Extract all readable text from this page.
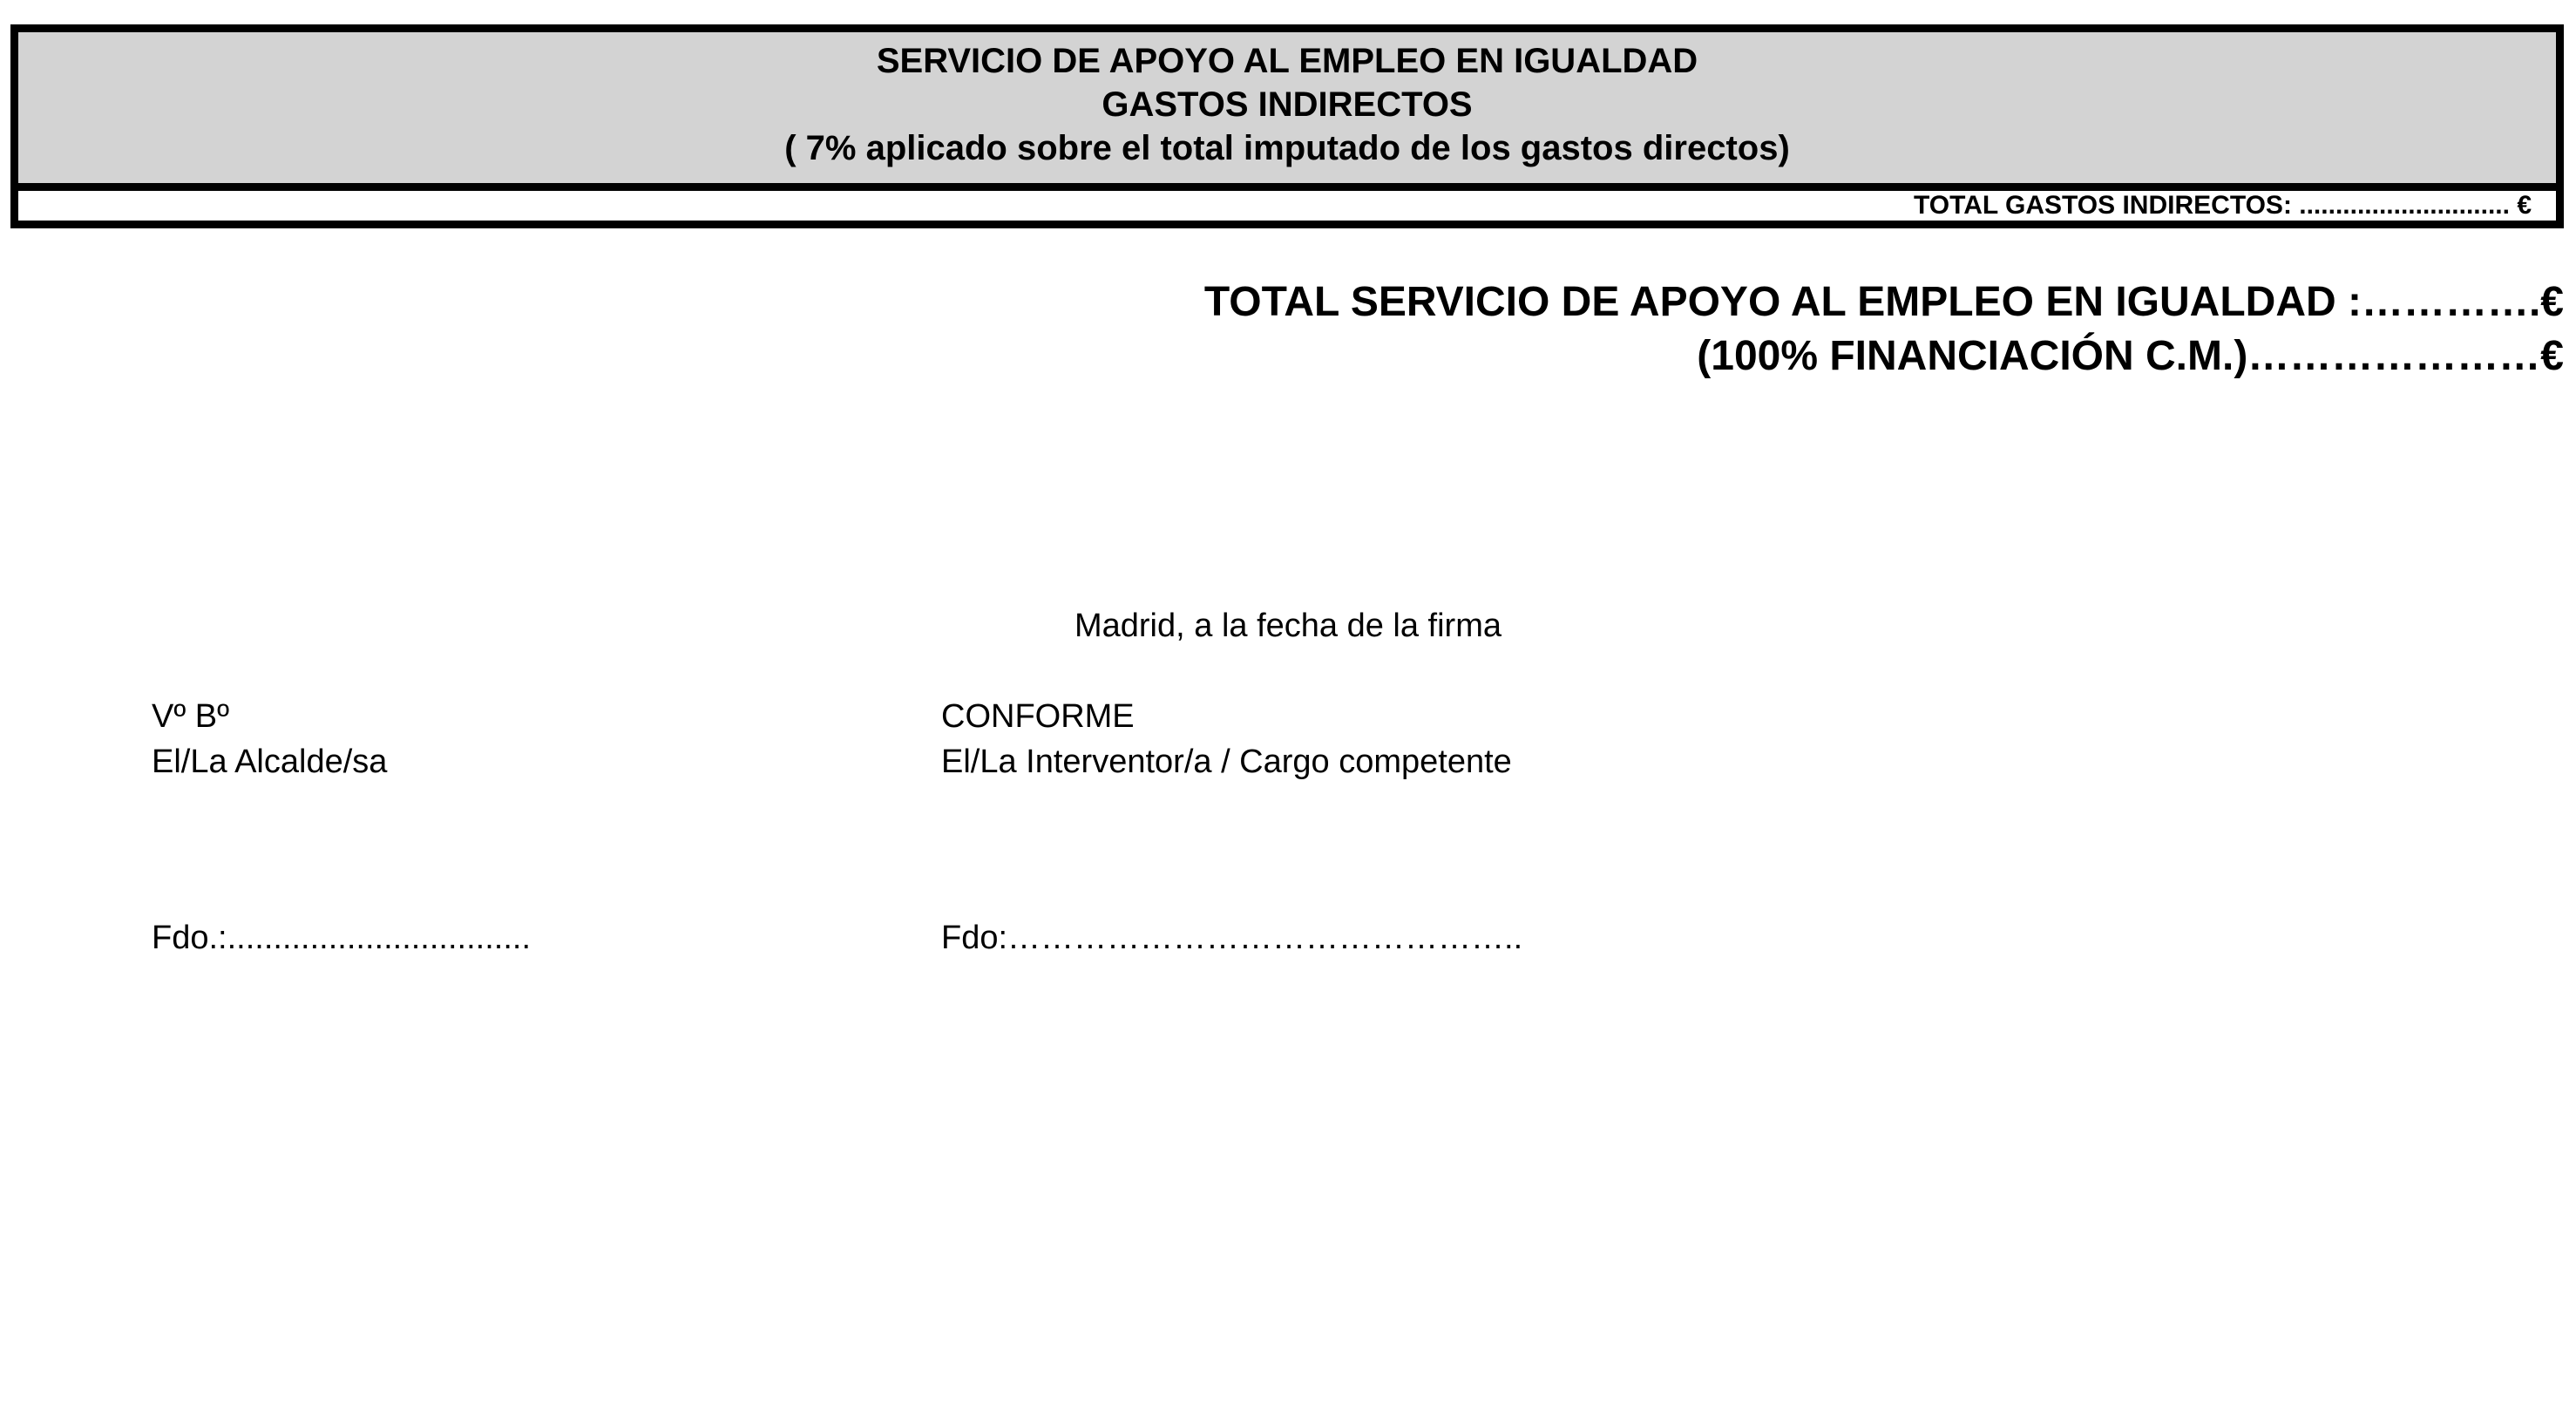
SERVICIO DE APOYO AL EMPLEO EN IGUALDAD
GASTOS INDIRECTOS
( 7% aplicado sobre el total imputado de los gastos directos)
TOTAL GASTOS INDIRECTOS: ............................. €
TOTAL SERVICIO DE APOYO AL EMPLEO EN IGUALDAD :………….€
(100% FINANCIACIÓN C.M.)…………………€
Madrid, a la fecha de la firma
Vº Bº
El/La Alcalde/sa
CONFORME
El/La Interventor/a / Cargo competente
Fdo.:.................................	Fdo:………………………………………..
